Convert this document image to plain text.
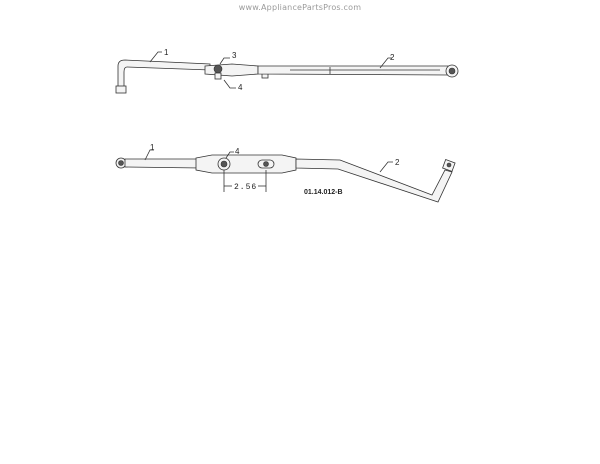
www.AppliancePartsPros.com
1
2
3
4
2.56
1
2
4
01.14.012-B
